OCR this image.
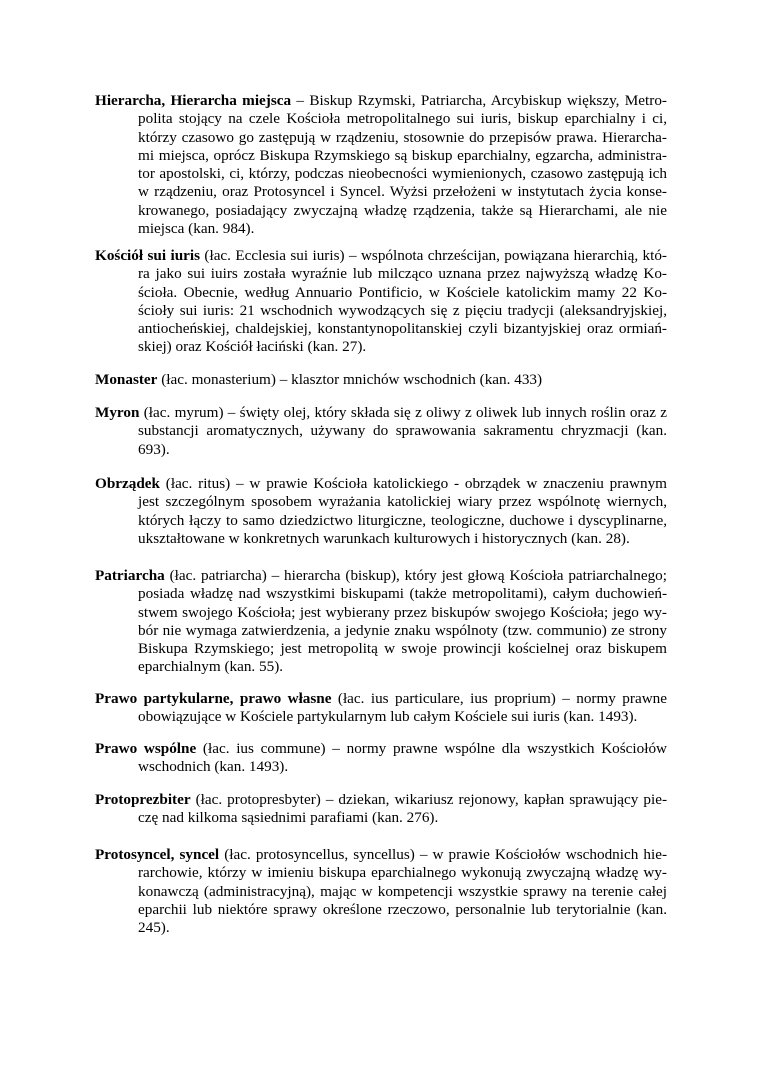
Hierarcha, Hierarcha miejsca – Biskup Rzymski, Patriarcha, Arcybiskup większy, Metro-
polita stojący na czele Kościoła metropolitalnego sui iuris, biskup eparchialny i ci,
którzy czasowo go zastępują w rządzeniu, stosownie do przepisów prawa. Hierarcha-
mi miejsca, oprócz Biskupa Rzymskiego są biskup eparchialny, egzarcha, administra-
tor apostolski, ci, którzy, podczas nieobecności wymienionych, czasowo zastępują ich
w rządzeniu, oraz Protosyncel i Syncel. Wyżsi przełożeni w instytutach życia konse-
krowanego, posiadający zwyczajną władzę rządzenia, także są Hierarchami, ale nie
miejsca (kan. 984).
Kościół sui iuris (łac. Ecclesia sui iuris) – wspólnota chrześcijan, powiązana hierarchią, któ-
ra jako sui iuirs została wyraźnie lub milcząco uznana przez najwyższą władzę Ko-
ścioła. Obecnie, według Annuario Pontificio, w Kościele katolickim mamy 22 Ko-
ścioły sui iuris: 21 wschodnich wywodzących się z pięciu tradycji (aleksandryjskiej,
antiocheńskiej, chaldejskiej, konstantynopolitanskiej czyli bizantyjskiej oraz ormiań-
skiej) oraz Kościół łaciński (kan. 27).
Monaster (łac. monasterium) – klasztor mnichów wschodnich (kan. 433)
Myron (łac. myrum) – święty olej, który składa się z oliwy z oliwek lub innych roślin oraz z
substancji aromatycznych, używany do sprawowania sakramentu chryzmacji (kan.
693).
Obrządek (łac. ritus) – w prawie Kościoła katolickiego - obrządek w znaczeniu prawnym
jest szczególnym sposobem wyrażania katolickiej wiary przez wspólnotę wiernych,
których łączy to samo dziedzictwo liturgiczne, teologiczne, duchowe i dyscyplinarne,
ukształtowane w konkretnych warunkach kulturowych i historycznych (kan. 28).
Patriarcha (łac. patriarcha) – hierarcha (biskup), który jest głową Kościoła patriarchalnego;
posiada władzę nad wszystkimi biskupami (także metropolitami), całym duchowień-
stwem swojego Kościoła; jest wybierany przez biskupów swojego Kościoła; jego wy-
bór nie wymaga zatwierdzenia, a jedynie znaku wspólnoty (tzw. communio) ze strony
Biskupa Rzymskiego; jest metropolitą w swoje prowincji kościelnej oraz biskupem
eparchialnym (kan. 55).
Prawo partykularne, prawo własne (łac. ius particulare, ius proprium) – normy prawne
obowiązujące w Kościele partykularnym lub całym Kościele sui iuris (kan. 1493).
Prawo wspólne (łac. ius commune) – normy prawne wspólne dla wszystkich Kościołów
wschodnich (kan. 1493).
Protoprezbiter (łac. protopresbyter) – dziekan, wikariusz rejonowy, kapłan sprawujący pie-
czę nad kilkoma sąsiednimi parafiami (kan. 276).
Protosyncel, syncel (łac. protosyncellus, syncellus) – w prawie Kościołów wschodnich hie-
rarchowie, którzy w imieniu biskupa eparchialnego wykonują zwyczajną władzę wy-
konawczą (administracyjną), mając w kompetencji wszystkie sprawy na terenie całej
eparchii lub niektóre sprawy określone rzeczowo, personalnie lub terytorialnie (kan.
245).
